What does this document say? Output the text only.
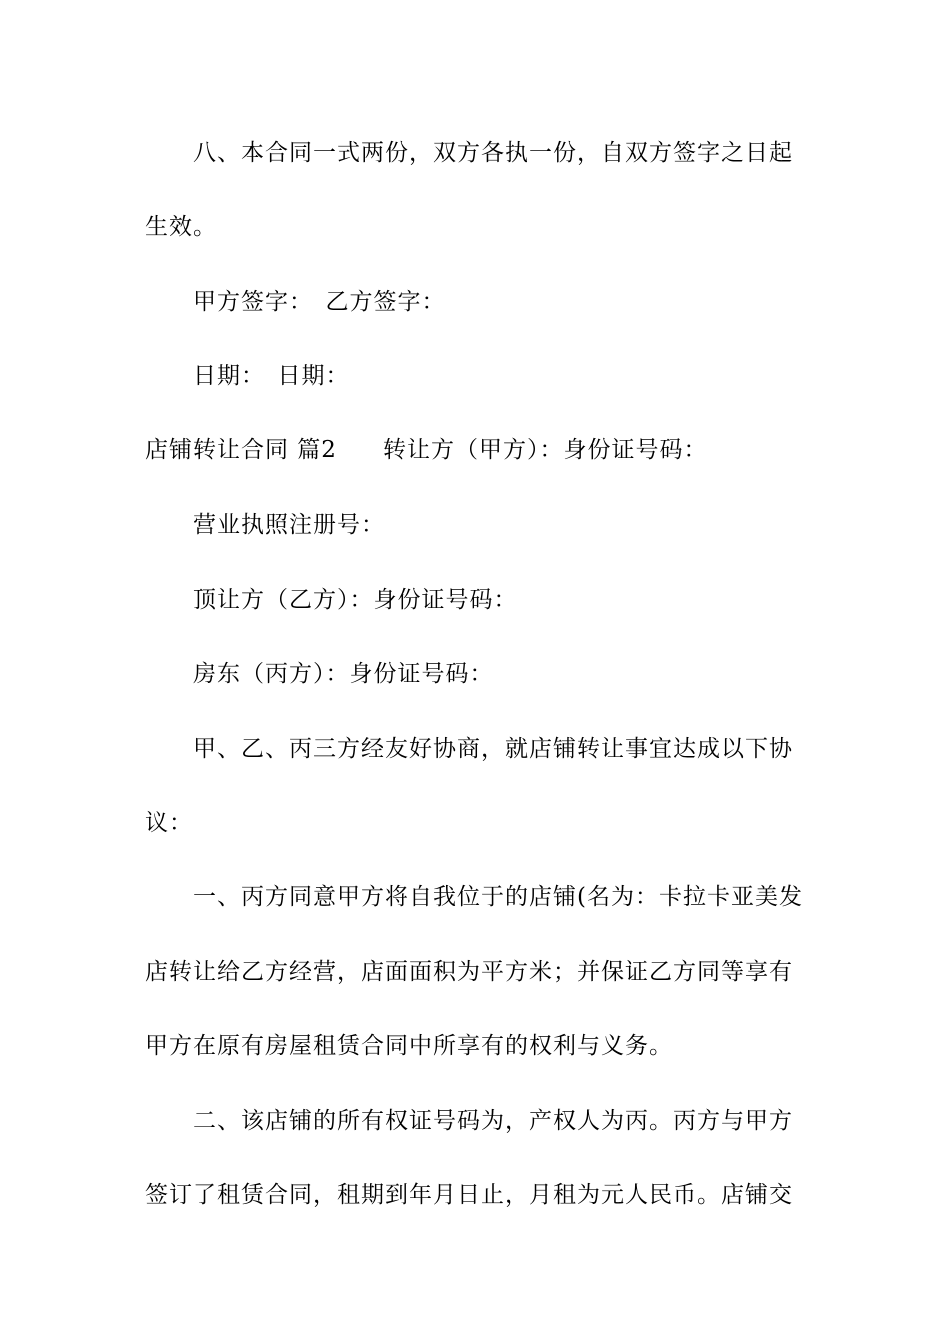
八、本合同一式两份，双方各执一份，自双方签字之日起
生效。
甲方签字：　乙方签字：
日期：　日期：
店铺转让合同 篇2 转让方（甲方）：身份证号码：
营业执照注册号：
顶让方（乙方）：身份证号码：
房东（丙方）：身份证号码：
甲、乙、丙三方经友好协商，就店铺转让事宜达成以下协
议：
一、丙方同意甲方将自我位于的店铺(名为：卡拉卡亚美发
店转让给乙方经营，店面面积为平方米；并保证乙方同等享有
甲方在原有房屋租赁合同中所享有的权利与义务。
二、该店铺的所有权证号码为，产权人为丙。丙方与甲方
签订了租赁合同，租期到年月日止，月租为元人民币。店铺交
